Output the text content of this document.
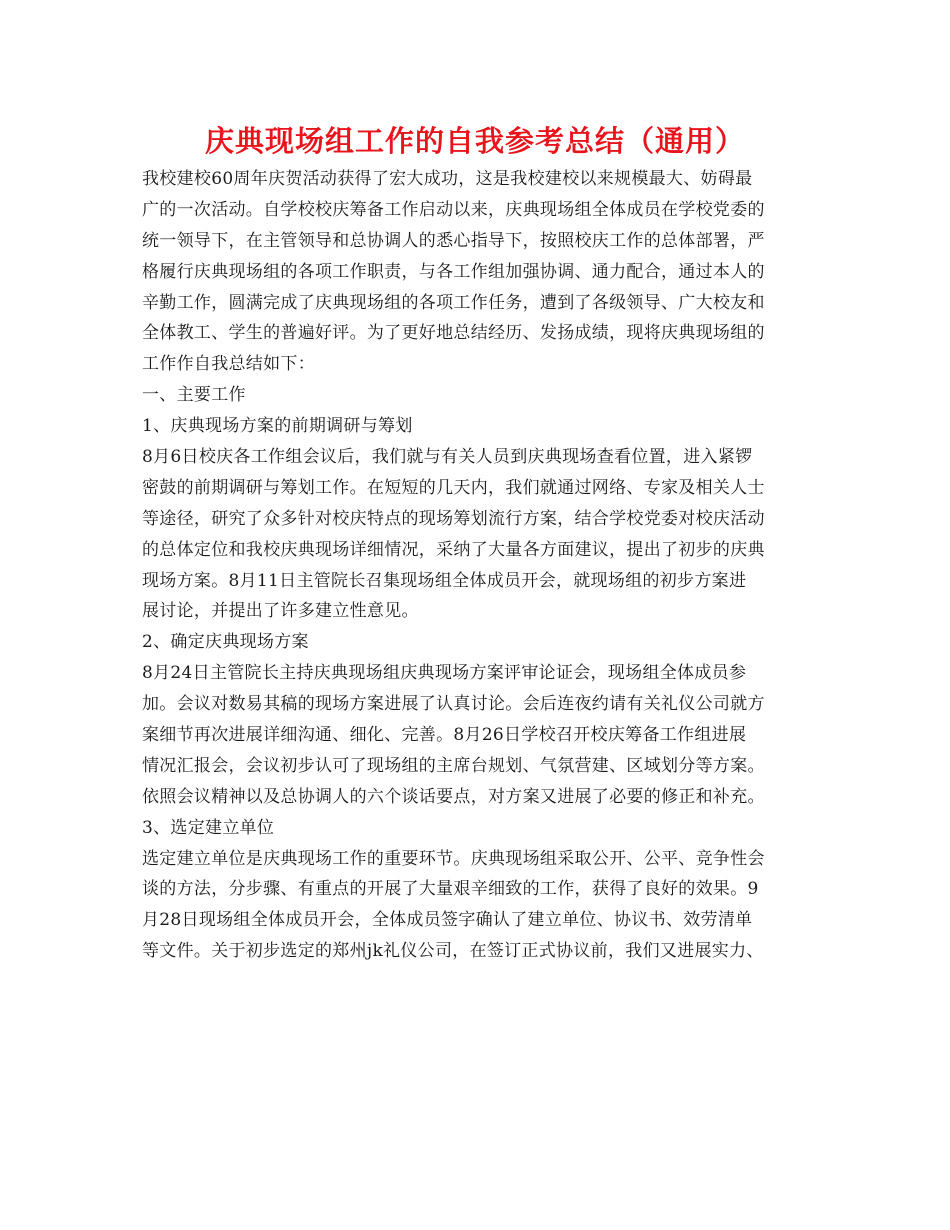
庆典现场组工作的自我参考总结（通用）
我校建校60周年庆贺活动获得了宏大成功，这是我校建校以来规模最大、妨碍最
广的一次活动。自学校校庆筹备工作启动以来，庆典现场组全体成员在学校党委的
统一领导下，在主管领导和总协调人的悉心指导下，按照校庆工作的总体部署，严
格履行庆典现场组的各项工作职责，与各工作组加强协调、通力配合，通过本人的
辛勤工作，圆满完成了庆典现场组的各项工作任务，遭到了各级领导、广大校友和
全体教工、学生的普遍好评。为了更好地总结经历、发扬成绩，现将庆典现场组的
工作作自我总结如下：
一、主要工作
1、庆典现场方案的前期调研与筹划
8月6日校庆各工作组会议后，我们就与有关人员到庆典现场查看位置，进入紧锣
密鼓的前期调研与筹划工作。在短短的几天内，我们就通过网络、专家及相关人士
等途径，研究了众多针对校庆特点的现场筹划流行方案，结合学校党委对校庆活动
的总体定位和我校庆典现场详细情况，采纳了大量各方面建议，提出了初步的庆典
现场方案。8月11日主管院长召集现场组全体成员开会，就现场组的初步方案进
展讨论，并提出了许多建立性意见。
2、确定庆典现场方案
8月24日主管院长主持庆典现场组庆典现场方案评审论证会，现场组全体成员参
加。会议对数易其稿的现场方案进展了认真讨论。会后连夜约请有关礼仪公司就方
案细节再次进展详细沟通、细化、完善。8月26日学校召开校庆筹备工作组进展
情况汇报会，会议初步认可了现场组的主席台规划、气氛营建、区域划分等方案。
依照会议精神以及总协调人的六个谈话要点，对方案又进展了必要的修正和补充。
3、选定建立单位
选定建立单位是庆典现场工作的重要环节。庆典现场组采取公开、公平、竞争性会
谈的方法，分步骤、有重点的开展了大量艰辛细致的工作，获得了良好的效果。9
月28日现场组全体成员开会，全体成员签字确认了建立单位、协议书、效劳清单
等文件。关于初步选定的郑州jk礼仪公司，在签订正式协议前，我们又进展实力、
